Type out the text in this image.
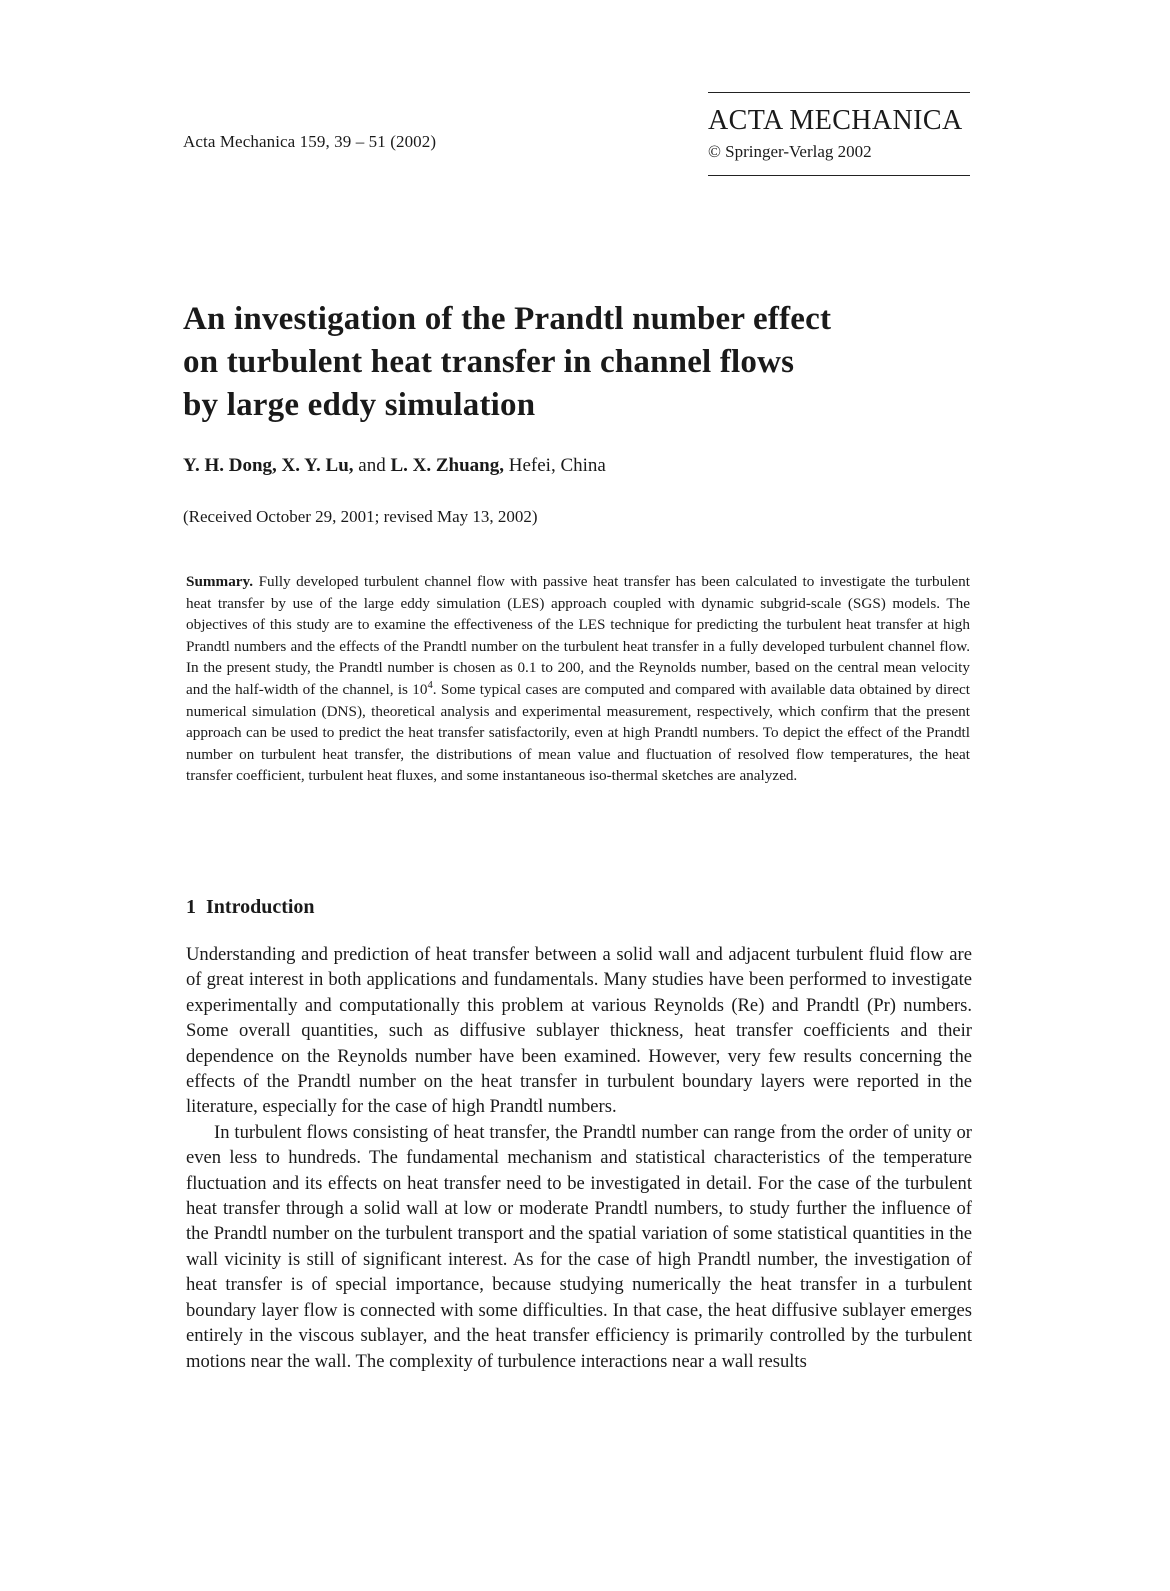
Acta Mechanica 159, 39 – 51 (2002)
ACTA MECHANICA
© Springer-Verlag 2002
An investigation of the Prandtl number effect
on turbulent heat transfer in channel flows
by large eddy simulation
Y. H. Dong, X. Y. Lu, and L. X. Zhuang, Hefei, China
(Received October 29, 2001; revised May 13, 2002)
Summary. Fully developed turbulent channel flow with passive heat transfer has been calculated to investigate the turbulent heat transfer by use of the large eddy simulation (LES) approach coupled with dynamic subgrid-scale (SGS) models. The objectives of this study are to examine the effectiveness of the LES technique for predicting the turbulent heat transfer at high Prandtl numbers and the effects of the Prandtl number on the turbulent heat transfer in a fully developed turbulent channel flow. In the present study, the Prandtl number is chosen as 0.1 to 200, and the Reynolds number, based on the central mean velocity and the half-width of the channel, is $10^4$. Some typical cases are computed and compared with available data obtained by direct numerical simulation (DNS), theoretical analysis and experimental measurement, respectively, which confirm that the present approach can be used to predict the heat transfer satisfactorily, even at high Prandtl numbers. To depict the effect of the Prandtl number on turbulent heat transfer, the distributions of mean value and fluctuation of resolved flow temperatures, the heat transfer coefficient, turbulent heat fluxes, and some instantaneous iso-thermal sketches are analyzed.
1 Introduction

Understanding and prediction of heat transfer between a solid wall and adjacent turbulent fluid flow are of great interest in both applications and fundamentals. Many studies have been performed to investigate experimentally and computationally this problem at various Reynolds (Re) and Prandtl (Pr) numbers. Some overall quantities, such as diffusive sublayer thickness, heat transfer coefficients and their dependence on the Reynolds number have been examined. However, very few results concerning the effects of the Prandtl number on the heat transfer in turbulent boundary layers were reported in the literature, especially for the case of high Prandtl numbers.

In turbulent flows consisting of heat transfer, the Prandtl number can range from the order of unity or even less to hundreds. The fundamental mechanism and statistical characteristics of the temperature fluctuation and its effects on heat transfer need to be investigated in detail. For the case of the turbulent heat transfer through a solid wall at low or moderate Prandtl numbers, to study further the influence of the Prandtl number on the turbulent transport and the spatial variation of some statistical quantities in the wall vicinity is still of significant interest. As for the case of high Prandtl number, the investigation of heat transfer is of special importance, because studying numerically the heat transfer in a turbulent boundary layer flow is connected with some difficulties. In that case, the heat diffusive sublayer emerges entirely in the viscous sublayer, and the heat transfer efficiency is primarily controlled by the turbulent motions near the wall. The complexity of turbulence interactions near a wall results
